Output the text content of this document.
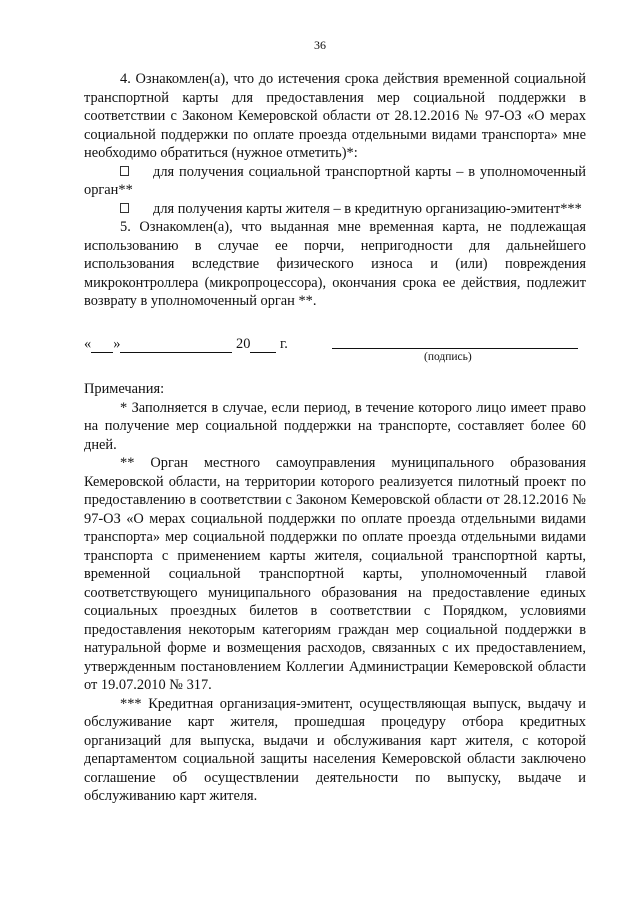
36

4. Ознакомлен(а), что до истечения срока действия временной социальной транспортной карты для предоставления мер социальной поддержки в соответствии с Законом Кемеровской области от 28.12.2016 № 97-ОЗ «О мерах социальной поддержки по оплате проезда отдельными видами транспорта» мне необходимо обратиться (нужное отметить)*:

для получения социальной транспортной карты – в уполномоченный орган**

для получения карты жителя – в кредитную организацию-эмитент***

5. Ознакомлен(а), что выданная мне временная карта, не подлежащая использованию в случае ее порчи, непригодности для дальнейшего использования вследствие физического износа и (или) повреждения микроконтроллера (микропроцессора), окончания срока ее действия, подлежит возврату в уполномоченный орган **.

« »	20 г.
(подпись)

Примечания:

* Заполняется в случае, если период, в течение которого лицо имеет право на получение мер социальной поддержки на транспорте, составляет более 60 дней.

** Орган местного самоуправления муниципального образования Кемеровской области, на территории которого реализуется пилотный проект по предоставлению в соответствии с Законом Кемеровской области от 28.12.2016 № 97-ОЗ «О мерах социальной поддержки по оплате проезда отдельными видами транспорта» мер социальной поддержки по оплате проезда отдельными видами транспорта с применением карты жителя, социальной транспортной карты, временной социальной транспортной карты, уполномоченный главой соответствующего муниципального образования на предоставление единых социальных проездных билетов в соответствии с Порядком, условиями предоставления некоторым категориям граждан мер социальной поддержки в натуральной форме и возмещения расходов, связанных с их предоставлением, утвержденным постановлением Коллегии Администрации Кемеровской области от 19.07.2010 № 317.

*** Кредитная организация-эмитент, осуществляющая выпуск, выдачу и обслуживание карт жителя, прошедшая процедуру отбора кредитных организаций для выпуска, выдачи и обслуживания карт жителя, с которой департаментом социальной защиты населения Кемеровской области заключено соглашение об осуществлении деятельности по выпуску, выдаче и обслуживанию карт жителя.
